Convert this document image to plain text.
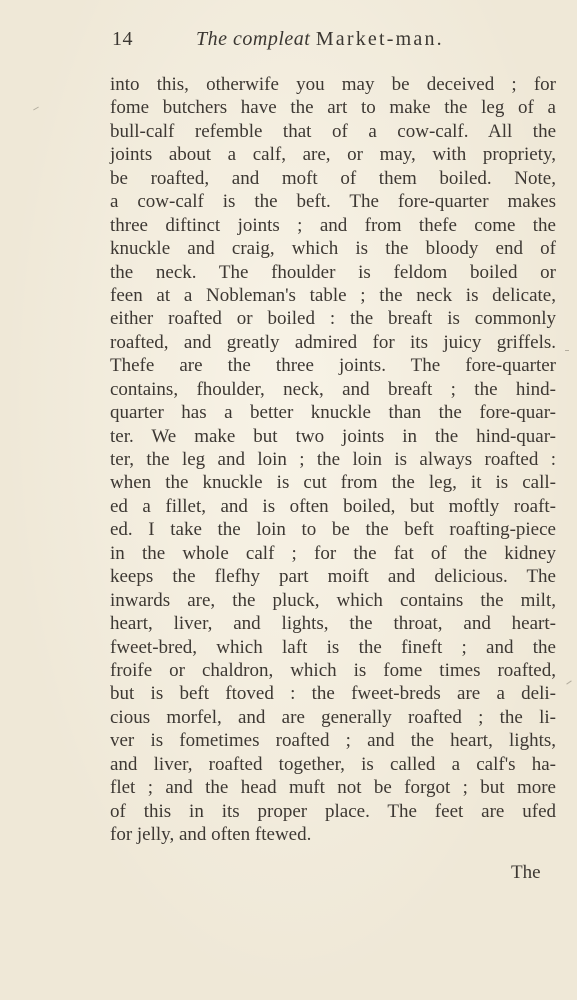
14	The compleat Market-man.
into this, otherwife you may be deceived ; for
fome butchers have the art to make the leg of a
bull-calf refemble that of a cow-calf. All the
joints about a calf, are, or may, with propriety,
be roafted, and moft of them boiled. Note,
a cow-calf is the beft. The fore-quarter makes
three diftinct joints ; and from thefe come the
knuckle and craig, which is the bloody end of
the neck. The fhoulder is feldom boiled or
feen at a Nobleman's table ; the neck is delicate,
either roafted or boiled : the breaft is commonly
roafted, and greatly admired for its juicy griffels.
Thefe are the three joints. The fore-quarter
contains, fhoulder, neck, and breaft ; the hind-
quarter has a better knuckle than the fore-quar-
ter. We make but two joints in the hind-quar-
ter, the leg and loin ; the loin is always roafted :
when the knuckle is cut from the leg, it is call-
ed a fillet, and is often boiled, but moftly roaft-
ed. I take the loin to be the beft roafting-piece
in the whole calf ; for the fat of the kidney
keeps the flefhy part moift and delicious. The
inwards are, the pluck, which contains the milt,
heart, liver, and lights, the throat, and heart-
fweet-bred, which laft is the fineft ; and the
froife or chaldron, which is fome times roafted,
but is beft ftoved : the fweet-breds are a deli-
cious morfel, and are generally roafted ; the li-
ver is fometimes roafted ; and the heart, lights,
and liver, roafted together, is called a calf's ha-
flet ; and the head muft not be forgot ; but more
of this in its proper place. The feet are ufed
for jelly, and often ftewed.
The
